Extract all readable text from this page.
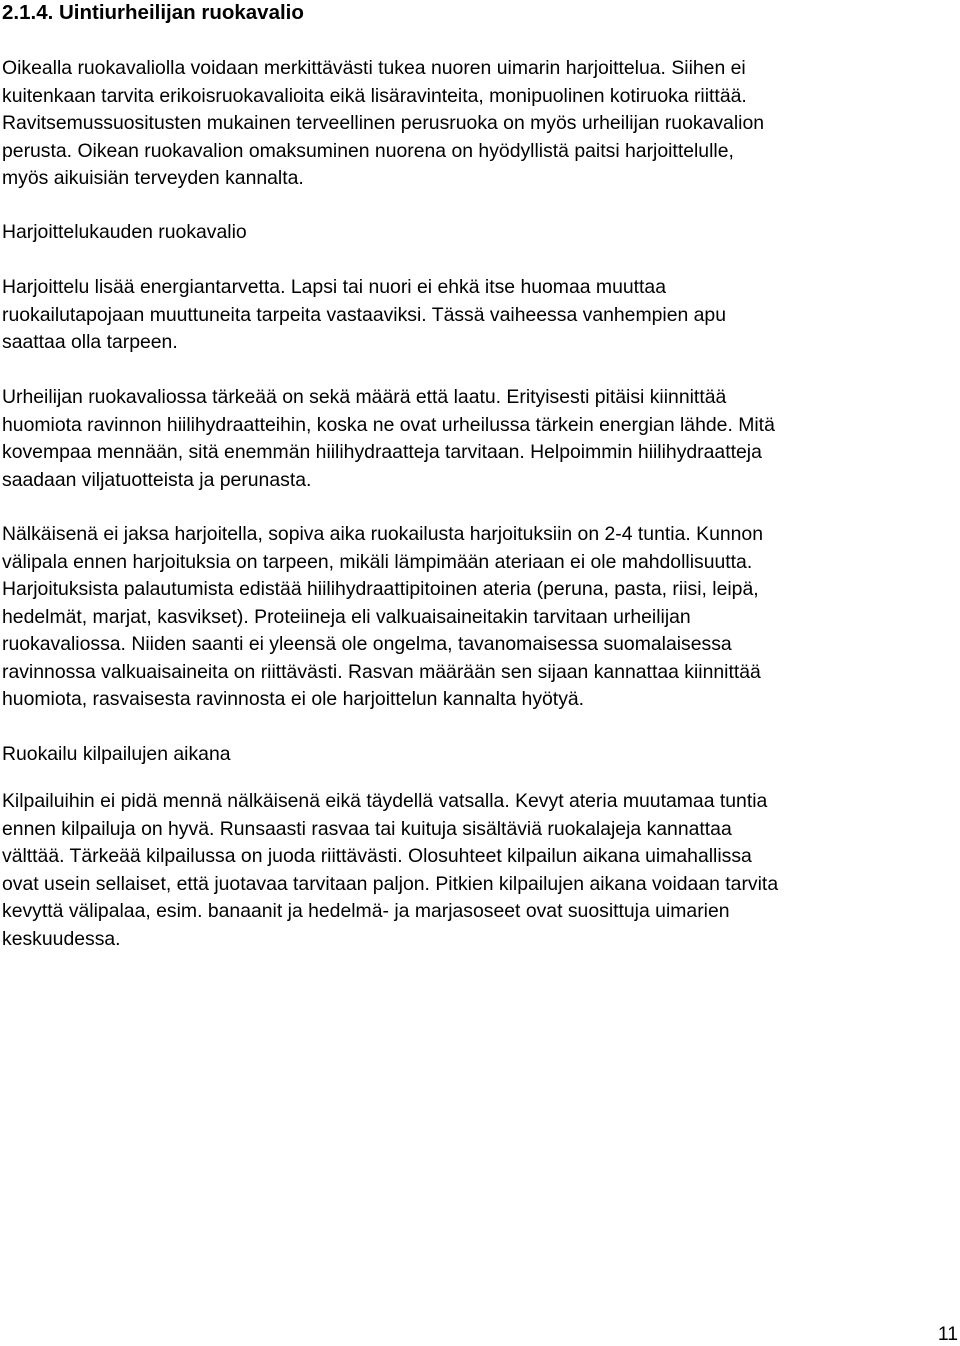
2.1.4. Uintiurheilijan ruokavalio

Oikealla ruokavaliolla voidaan merkittävästi tukea nuoren uimarin harjoittelua. Siihen ei
kuitenkaan tarvita erikoisruokavalioita eikä lisäravinteita, monipuolinen kotiruoka riittää.
Ravitsemussuositusten mukainen terveellinen perusruoka on myös urheilijan ruokavalion
perusta. Oikean ruokavalion omaksuminen nuorena on hyödyllistä paitsi harjoittelulle,
myös aikuisiän terveyden kannalta.

Harjoittelukauden ruokavalio

Harjoittelu lisää energiantarvetta. Lapsi tai nuori ei ehkä itse huomaa muuttaa
ruokailutapojaan muuttuneita tarpeita vastaaviksi. Tässä vaiheessa vanhempien apu
saattaa olla tarpeen.

Urheilijan ruokavaliossa tärkeää on sekä määrä että laatu. Erityisesti pitäisi kiinnittää
huomiota ravinnon hiilihydraatteihin, koska ne ovat urheilussa tärkein energian lähde. Mitä
kovempaa mennään, sitä enemmän hiilihydraatteja tarvitaan. Helpoimmin hiilihydraatteja
saadaan viljatuotteista ja perunasta.

Nälkäisenä ei jaksa harjoitella, sopiva aika ruokailusta harjoituksiin on 2-4 tuntia. Kunnon
välipala ennen harjoituksia on tarpeen, mikäli lämpimään ateriaan ei ole mahdollisuutta.
Harjoituksista palautumista edistää hiilihydraattipitoinen ateria (peruna, pasta, riisi, leipä,
hedelmät, marjat, kasvikset). Proteiineja eli valkuaisaineitakin tarvitaan urheilijan
ruokavaliossa. Niiden saanti ei yleensä ole ongelma, tavanomaisessa suomalaisessa
ravinnossa valkuaisaineita on riittävästi. Rasvan määrään sen sijaan kannattaa kiinnittää
huomiota, rasvaisesta ravinnosta ei ole harjoittelun kannalta hyötyä.

Ruokailu kilpailujen aikana

Kilpailuihin ei pidä mennä nälkäisenä eikä täydellä vatsalla. Kevyt ateria muutamaa tuntia
ennen kilpailuja on hyvä. Runsaasti rasvaa tai kuituja sisältäviä ruokalajeja kannattaa
välttää. Tärkeää kilpailussa on juoda riittävästi. Olosuhteet kilpailun aikana uimahallissa
ovat usein sellaiset, että juotavaa tarvitaan paljon. Pitkien kilpailujen aikana voidaan tarvita
kevyttä välipalaa, esim. banaanit ja hedelmä- ja marjasoseet ovat suosittuja uimarien
keskuudessa.

11
